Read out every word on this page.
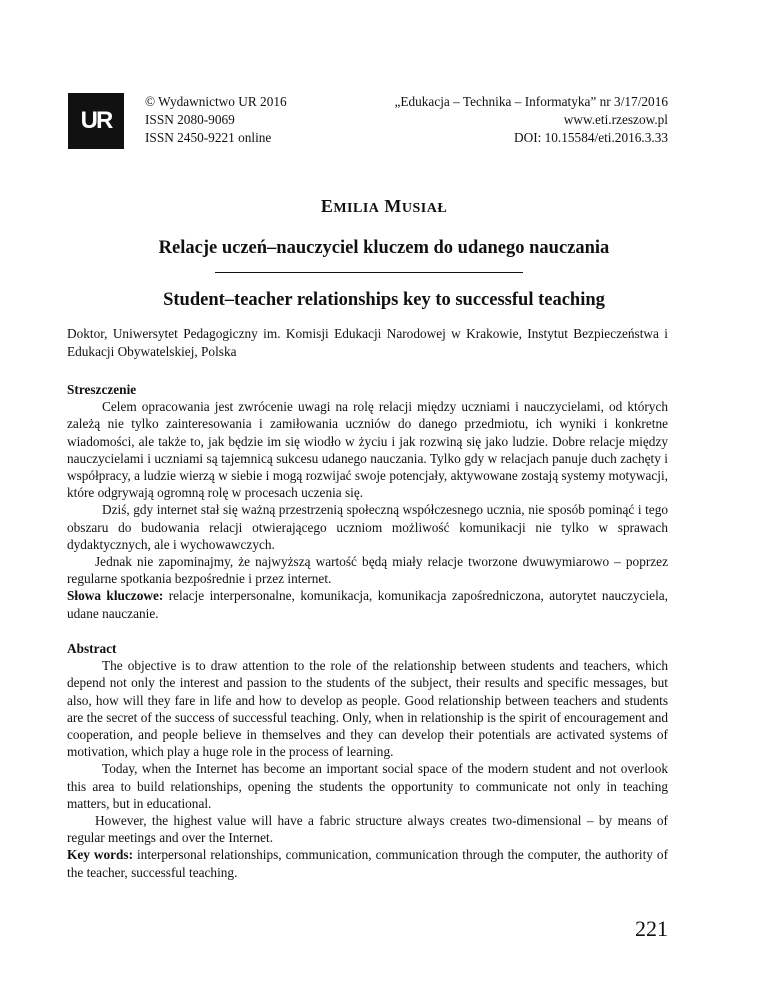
UR
© Wydawnictwo UR 2016
ISSN 2080-9069
ISSN 2450-9221 online
„Edukacja – Technika – Informatyka” nr 3/17/2016
www.eti.rzeszow.pl
DOI: 10.15584/eti.2016.3.33
EMILIA MUSIAŁ
Relacje uczeń–nauczyciel kluczem do udanego nauczania
Student–teacher relationships key to successful teaching
Doktor, Uniwersytet Pedagogiczny im. Komisji Edukacji Narodowej w Krakowie, Instytut Bezpieczeństwa i Edukacji Obywatelskiej, Polska
Streszczenie

Celem opracowania jest zwrócenie uwagi na rolę relacji między uczniami i nauczycielami, od których zależą nie tylko zainteresowania i zamiłowania uczniów do danego przedmiotu, ich wyniki i konkretne wiadomości, ale także to, jak będzie im się wiodło w życiu i jak rozwiną się jako ludzie. Dobre relacje między nauczycielami i uczniami są tajemnicą sukcesu udanego nauczania. Tylko gdy w relacjach panuje duch zachęty i współpracy, a ludzie wierzą w siebie i mogą rozwijać swoje potencjały, aktywowane zostają systemy motywacji, które odgrywają ogromną rolę w procesach uczenia się.

Dziś, gdy internet stał się ważną przestrzenią społeczną współczesnego ucznia, nie sposób pominąć i tego obszaru do budowania relacji otwierającego uczniom możliwość komunikacji nie tylko w sprawach dydaktycznych, ale i wychowawczych.

Jednak nie zapominajmy, że najwyższą wartość będą miały relacje tworzone dwuwymiarowo – poprzez regularne spotkania bezpośrednie i przez internet.

Słowa kluczowe: relacje interpersonalne, komunikacja, komunikacja zapośredniczona, autorytet nauczyciela, udane nauczanie.

Abstract

The objective is to draw attention to the role of the relationship between students and teachers, which depend not only the interest and passion to the students of the subject, their results and specific messages, but also, how will they fare in life and how to develop as people. Good relationship between teachers and students are the secret of the success of successful teaching. Only, when in relationship is the spirit of encouragement and cooperation, and people believe in themselves and they can develop their potentials are activated systems of motivation, which play a huge role in the process of learning.

Today, when the Internet has become an important social space of the modern student and not overlook this area to build relationships, opening the students the opportunity to communicate not only in teaching matters, but in educational.

However, the highest value will have a fabric structure always creates two-dimensional – by means of regular meetings and over the Internet.

Key words: interpersonal relationships, communication, communication through the computer, the authority of the teacher, successful teaching.

221
